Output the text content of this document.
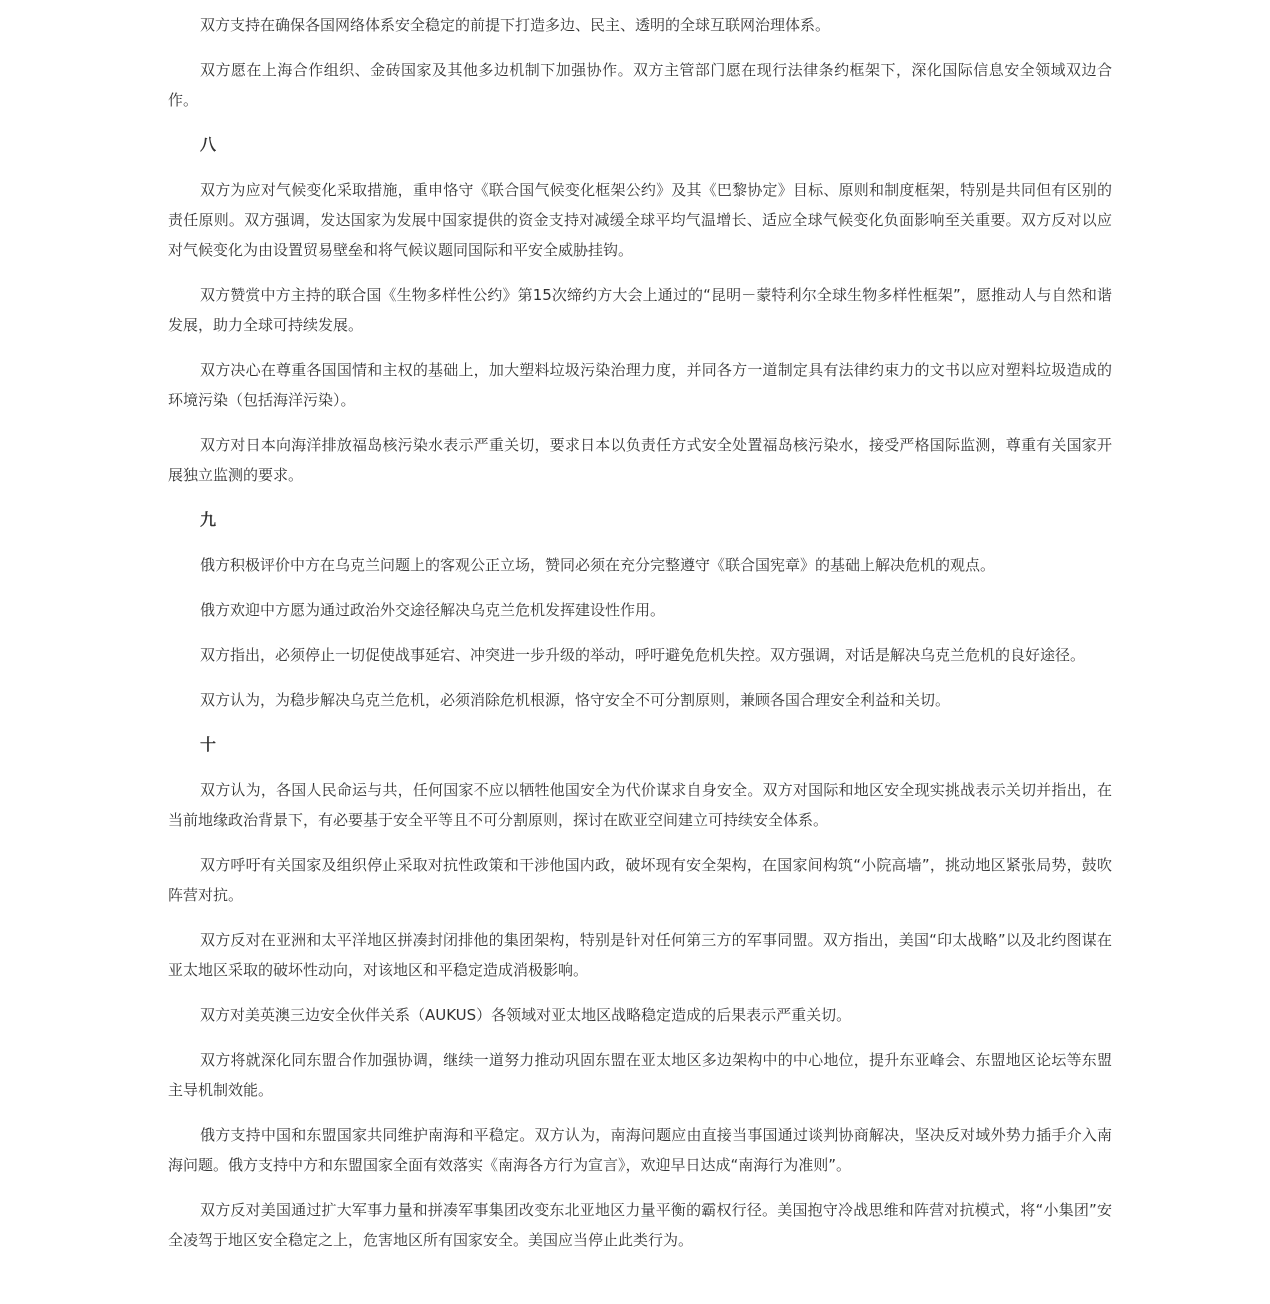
双方支持在确保各国网络体系安全稳定的前提下打造多边、民主、透明的全球互联网治理体系。

双方愿在上海合作组织、金砖国家及其他多边机制下加强协作。双方主管部门愿在现行法律条约框架下，深化国际信息安全领域双边合作。

八

双方为应对气候变化采取措施，重申恪守《联合国气候变化框架公约》及其《巴黎协定》目标、原则和制度框架，特别是共同但有区别的责任原则。双方强调，发达国家为发展中国家提供的资金支持对减缓全球平均气温增长、适应全球气候变化负面影响至关重要。双方反对以应对气候变化为由设置贸易壁垒和将气候议题同国际和平安全威胁挂钩。

双方赞赏中方主持的联合国《生物多样性公约》第15次缔约方大会上通过的“昆明－蒙特利尔全球生物多样性框架”，愿推动人与自然和谐发展，助力全球可持续发展。

双方决心在尊重各国国情和主权的基础上，加大塑料垃圾污染治理力度，并同各方一道制定具有法律约束力的文书以应对塑料垃圾造成的环境污染（包括海洋污染）。

双方对日本向海洋排放福岛核污染水表示严重关切，要求日本以负责任方式安全处置福岛核污染水，接受严格国际监测，尊重有关国家开展独立监测的要求。

九

俄方积极评价中方在乌克兰问题上的客观公正立场，赞同必须在充分完整遵守《联合国宪章》的基础上解决危机的观点。

俄方欢迎中方愿为通过政治外交途径解决乌克兰危机发挥建设性作用。

双方指出，必须停止一切促使战事延宕、冲突进一步升级的举动，呼吁避免危机失控。双方强调，对话是解决乌克兰危机的良好途径。

双方认为，为稳步解决乌克兰危机，必须消除危机根源，恪守安全不可分割原则，兼顾各国合理安全利益和关切。

十

双方认为，各国人民命运与共，任何国家不应以牺牲他国安全为代价谋求自身安全。双方对国际和地区安全现实挑战表示关切并指出，在当前地缘政治背景下，有必要基于安全平等且不可分割原则，探讨在欧亚空间建立可持续安全体系。

双方呼吁有关国家及组织停止采取对抗性政策和干涉他国内政，破坏现有安全架构，在国家间构筑“小院高墙”，挑动地区紧张局势，鼓吹阵营对抗。

双方反对在亚洲和太平洋地区拼凑封闭排他的集团架构，特别是针对任何第三方的军事同盟。双方指出，美国“印太战略”以及北约图谋在亚太地区采取的破坏性动向，对该地区和平稳定造成消极影响。

双方对美英澳三边安全伙伴关系（AUKUS）各领域对亚太地区战略稳定造成的后果表示严重关切。

双方将就深化同东盟合作加强协调，继续一道努力推动巩固东盟在亚太地区多边架构中的中心地位，提升东亚峰会、东盟地区论坛等东盟主导机制效能。

俄方支持中国和东盟国家共同维护南海和平稳定。双方认为，南海问题应由直接当事国通过谈判协商解决，坚决反对域外势力插手介入南海问题。俄方支持中方和东盟国家全面有效落实《南海各方行为宣言》，欢迎早日达成“南海行为准则”。

双方反对美国通过扩大军事力量和拼凑军事集团改变东北亚地区力量平衡的霸权行径。美国抱守冷战思维和阵营对抗模式，将“小集团”安全凌驾于地区安全稳定之上，危害地区所有国家安全。美国应当停止此类行为。
